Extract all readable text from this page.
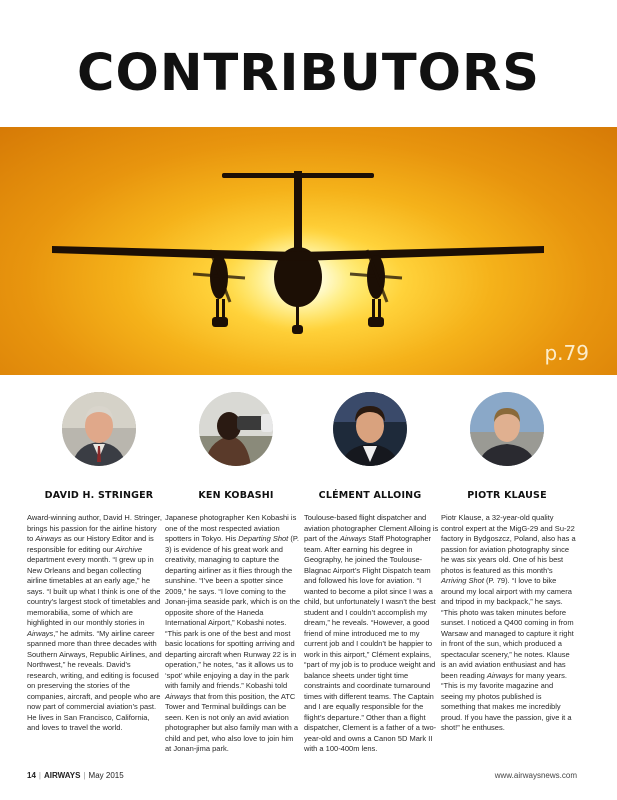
CONTRIBUTORS
p.79
DAVID H. STRINGER	KEN KOBASHI	CLÉMENT ALLOING	PIOTR KLAUSE

Award-winning author, David H. Stringer, brings his passion for the airline history to Airways as our History Editor and is responsible for editing our Airchive department every month. “I grew up in New Orleans and began collecting airline timetables at an early age,” he says. “I built up what I think is one of the country’s largest stock of timetables and memorabilia, some of which are highlighted in our monthly stories in Airways,” he admits. “My airline career spanned more than three decades with Southern Airways, Republic Airlines, and Northwest,” he reveals. David’s research, writing, and editing is focused on preserving the stories of the companies, aircraft, and people who are now part of commercial aviation’s past. He lives in San Francisco, California, and loves to travel the world.

Japanese photographer Ken Kobashi is one of the most respected aviation spotters in Tokyo. His Departing Shot (P. 3) is evidence of his great work and creativity, managing to capture the departing airliner as it flies through the sunshine. “I’ve been a spotter since 2009,” he says. “I love coming to the Jonan-jima seaside park, which is on the opposite shore of the Haneda International Airport,” Kobashi notes. “This park is one of the best and most basic locations for spotting arriving and departing aircraft when Runway 22 is in operation,” he notes, “as it allows us to ‘spot’ while enjoying a day in the park with family and friends.” Kobashi told Airways that from this position, the ATC Tower and Terminal buildings can be seen. Ken is not only an avid aviation photographer but also family man with a child and pet, who also love to join him at Jonan-jima park.

Toulouse-based flight dispatcher and aviation photographer Clement Alloing is part of the Airways Staff Photographer team. After earning his degree in Geography, he joined the Toulouse-Blagnac Airport’s Flight Dispatch team and followed his love for aviation. “I wanted to become a pilot since I was a child, but unfortunately I wasn’t the best student and I couldn’t accomplish my dream,” he reveals. “However, a good friend of mine introduced me to my current job and I couldn’t be happier to work in this airport,” Clément explains, “part of my job is to produce weight and balance sheets under tight time constraints and coordinate turnaround times with different teams. The Captain and I are equally responsible for the flight’s departure.” Other than a flight dispatcher, Clement is a father of a two-year-old and owns a Canon 5D Mark II with a 100-400m lens.

Piotr Klause, a 32-year-old quality control expert at the MigG-29 and Su-22 factory in Bydgoszcz, Poland, also has a passion for aviation photography since he was six years old. One of his best photos is featured as this month’s Arriving Shot (P. 79). “I love to bike around my local airport with my camera and tripod in my backpack,” he says. “This photo was taken minutes before sunset. I noticed a Q400 coming in from Warsaw and managed to capture it right in front of the sun, which produced a spectacular scenery,” he notes. Klause is an avid aviation enthusiast and has been reading Airways for many years. “This is my favorite magazine and seeing my photos published is something that makes me incredibly proud. If you have the passion, give it a shot!” he enthuses.

14 | AIRWAYS | May 2015	www.airwaysnews.com
